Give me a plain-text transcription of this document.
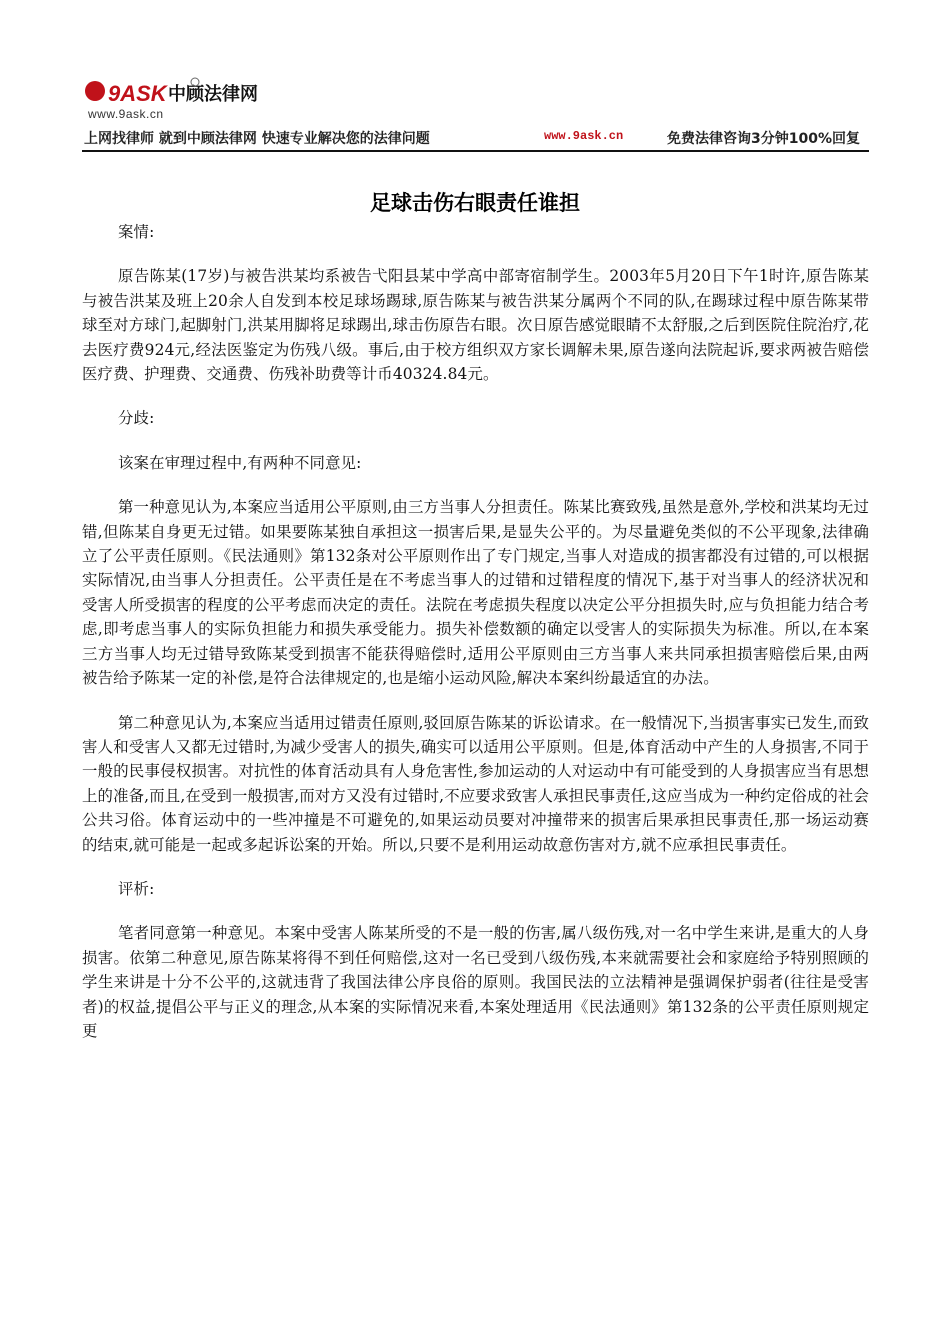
9ASK 中顾法律网
www.9ask.cn
上网找律师 就到中顾法律网 快速专业解决您的法律问题	www.9ask.cn	免费法律咨询3分钟100%回复
足球击伤右眼责任谁担

案情:

原告陈某(17岁)与被告洪某均系被告弋阳县某中学高中部寄宿制学生。2003年5月20日下午1时许,原告陈某与被告洪某及班上20余人自发到本校足球场踢球,原告陈某与被告洪某分属两个不同的队,在踢球过程中原告陈某带球至对方球门,起脚射门,洪某用脚将足球踢出,球击伤原告右眼。次日原告感觉眼睛不太舒服,之后到医院住院治疗,花去医疗费924元,经法医鉴定为伤残八级。事后,由于校方组织双方家长调解未果,原告遂向法院起诉,要求两被告赔偿医疗费、护理费、交通费、伤残补助费等计币40324.84元。

分歧:

该案在审理过程中,有两种不同意见:

第一种意见认为,本案应当适用公平原则,由三方当事人分担责任。陈某比赛致残,虽然是意外,学校和洪某均无过错,但陈某自身更无过错。如果要陈某独自承担这一损害后果,是显失公平的。为尽量避免类似的不公平现象,法律确立了公平责任原则。《民法通则》第132条对公平原则作出了专门规定,当事人对造成的损害都没有过错的,可以根据实际情况,由当事人分担责任。公平责任是在不考虑当事人的过错和过错程度的情况下,基于对当事人的经济状况和受害人所受损害的程度的公平考虑而决定的责任。法院在考虑损失程度以决定公平分担损失时,应与负担能力结合考虑,即考虑当事人的实际负担能力和损失承受能力。损失补偿数额的确定以受害人的实际损失为标准。所以,在本案三方当事人均无过错导致陈某受到损害不能获得赔偿时,适用公平原则由三方当事人来共同承担损害赔偿后果,由两被告给予陈某一定的补偿,是符合法律规定的,也是缩小运动风险,解决本案纠纷最适宜的办法。

第二种意见认为,本案应当适用过错责任原则,驳回原告陈某的诉讼请求。在一般情况下,当损害事实已发生,而致害人和受害人又都无过错时,为减少受害人的损失,确实可以适用公平原则。但是,体育活动中产生的人身损害,不同于一般的民事侵权损害。对抗性的体育活动具有人身危害性,参加运动的人对运动中有可能受到的人身损害应当有思想上的准备,而且,在受到一般损害,而对方又没有过错时,不应要求致害人承担民事责任,这应当成为一种约定俗成的社会公共习俗。体育运动中的一些冲撞是不可避免的,如果运动员要对冲撞带来的损害后果承担民事责任,那一场运动赛的结束,就可能是一起或多起诉讼案的开始。所以,只要不是利用运动故意伤害对方,就不应承担民事责任。

评析:

笔者同意第一种意见。本案中受害人陈某所受的不是一般的伤害,属八级伤残,对一名中学生来讲,是重大的人身损害。依第二种意见,原告陈某将得不到任何赔偿,这对一名已受到八级伤残,本来就需要社会和家庭给予特别照顾的学生来讲是十分不公平的,这就违背了我国法律公序良俗的原则。我国民法的立法精神是强调保护弱者(往往是受害者)的权益,提倡公平与正义的理念,从本案的实际情况来看,本案处理适用《民法通则》第132条的公平责任原则规定更
